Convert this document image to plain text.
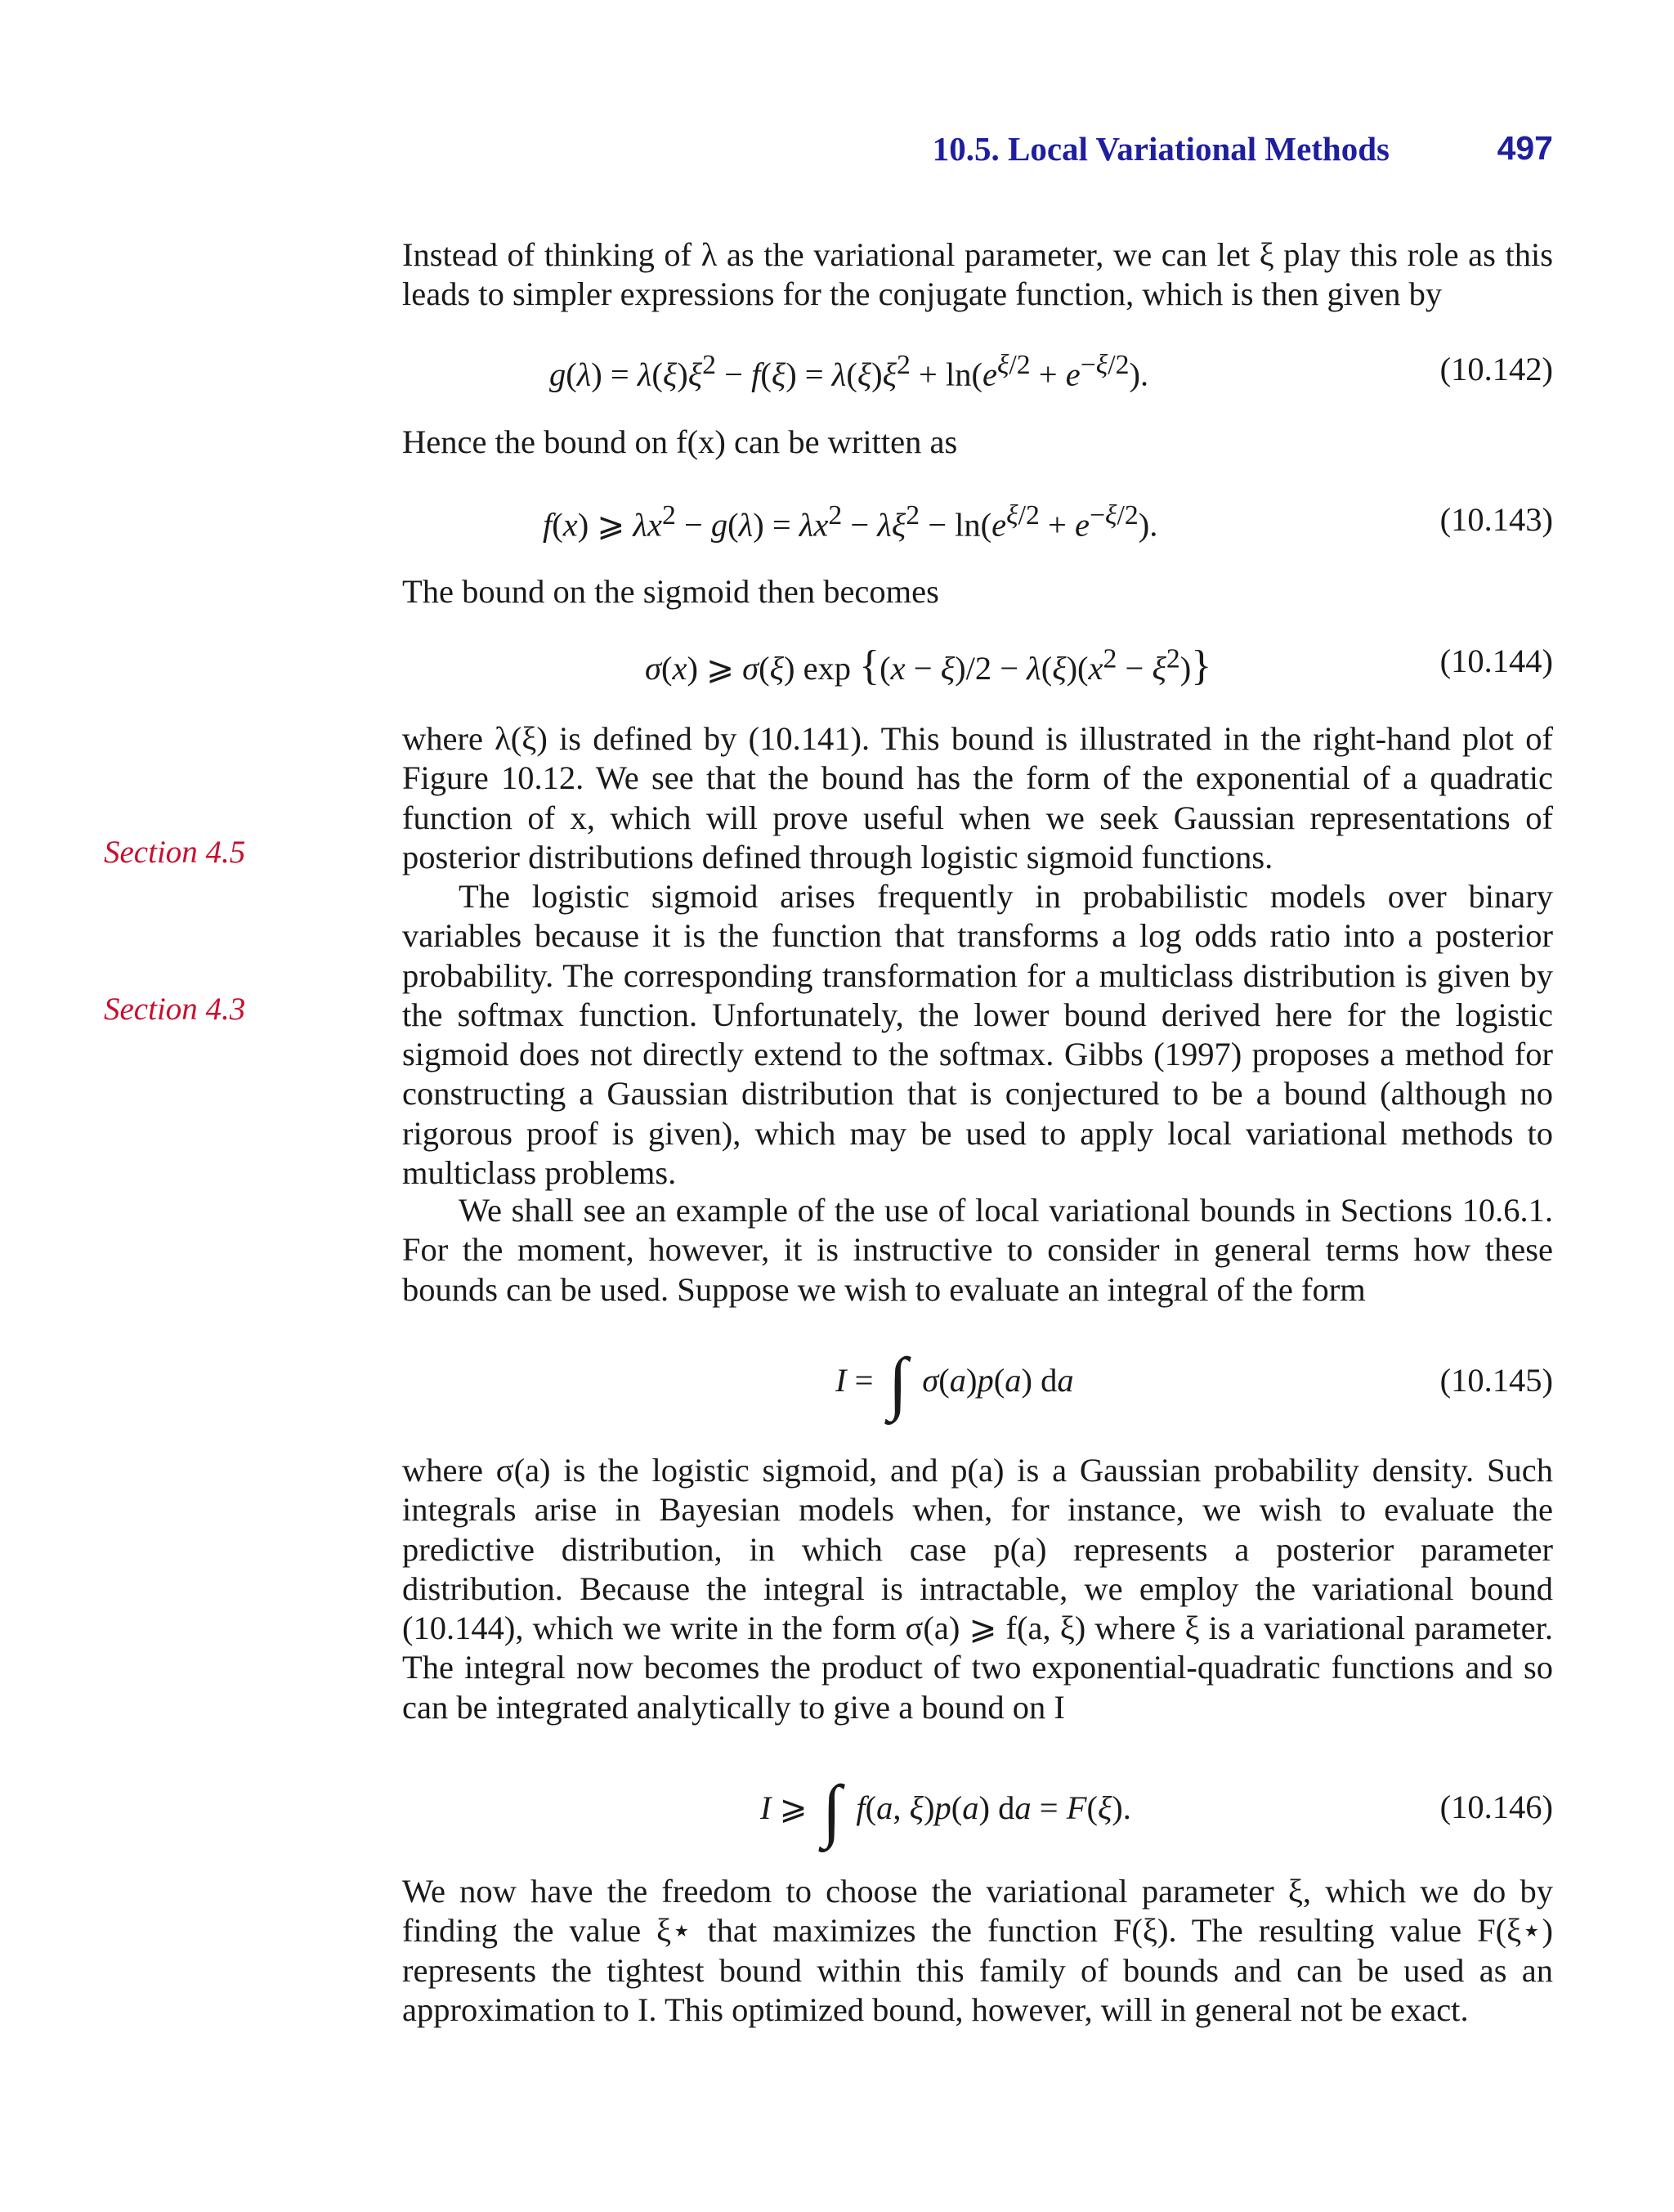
10.5. Local Variational Methods	497
Section 4.5
Section 4.3
Instead of thinking of λ as the variational parameter, we can let ξ play this role as this leads to simpler expressions for the conjugate function, which is then given by
$g(\lambda) = \lambda(\xi)\xi^2 - f(\xi) = \lambda(\xi)\xi^2 + \ln(e^{\xi/2} + e^{-\xi/2})$.	(10.142)
Hence the bound on f(x) can be written as
f(x) ⩾ $\lambda x^2 - g(\lambda) = \lambda x^2 - \lambda\xi^2 - \ln(e^{\xi/2} + e^{-\xi/2})$.	(10.143)
The bound on the sigmoid then becomes
σ(x) ⩾ σ(ξ) $\exp \{(x - \xi)/2 - \lambda(\xi)(x^2 - \xi^2)\}$	(10.144)
where λ(ξ) is defined by (10.141). This bound is illustrated in the right-hand plot of Figure 10.12. We see that the bound has the form of the exponential of a quadratic function of x, which will prove useful when we seek Gaussian representations of posterior distributions defined through logistic sigmoid functions.
The logistic sigmoid arises frequently in probabilistic models over binary variables because it is the function that transforms a log odds ratio into a posterior probability. The corresponding transformation for a multiclass distribution is given by the softmax function. Unfortunately, the lower bound derived here for the logistic sigmoid does not directly extend to the softmax. Gibbs (1997) proposes a method for constructing a Gaussian distribution that is conjectured to be a bound (although no rigorous proof is given), which may be used to apply local variational methods to multiclass problems.
We shall see an example of the use of local variational bounds in Sections 10.6.1. For the moment, however, it is instructive to consider in general terms how these bounds can be used. Suppose we wish to evaluate an integral of the form
I = ∫ σ(a)p(a) da	(10.145)
where σ(a) is the logistic sigmoid, and p(a) is a Gaussian probability density. Such integrals arise in Bayesian models when, for instance, we wish to evaluate the predictive distribution, in which case p(a) represents a posterior parameter distribution. Because the integral is intractable, we employ the variational bound (10.144), which we write in the form σ(a) ⩾ f(a, ξ) where ξ is a variational parameter. The integral now becomes the product of two exponential-quadratic functions and so can be integrated analytically to give a bound on I
I ⩾ ∫ f(a, ξ)p(a) da = F(ξ).	(10.146)
We now have the freedom to choose the variational parameter ξ, which we do by finding the value ξ⋆ that maximizes the function F(ξ). The resulting value F(ξ⋆) represents the tightest bound within this family of bounds and can be used as an approximation to I. This optimized bound, however, will in general not be exact.
